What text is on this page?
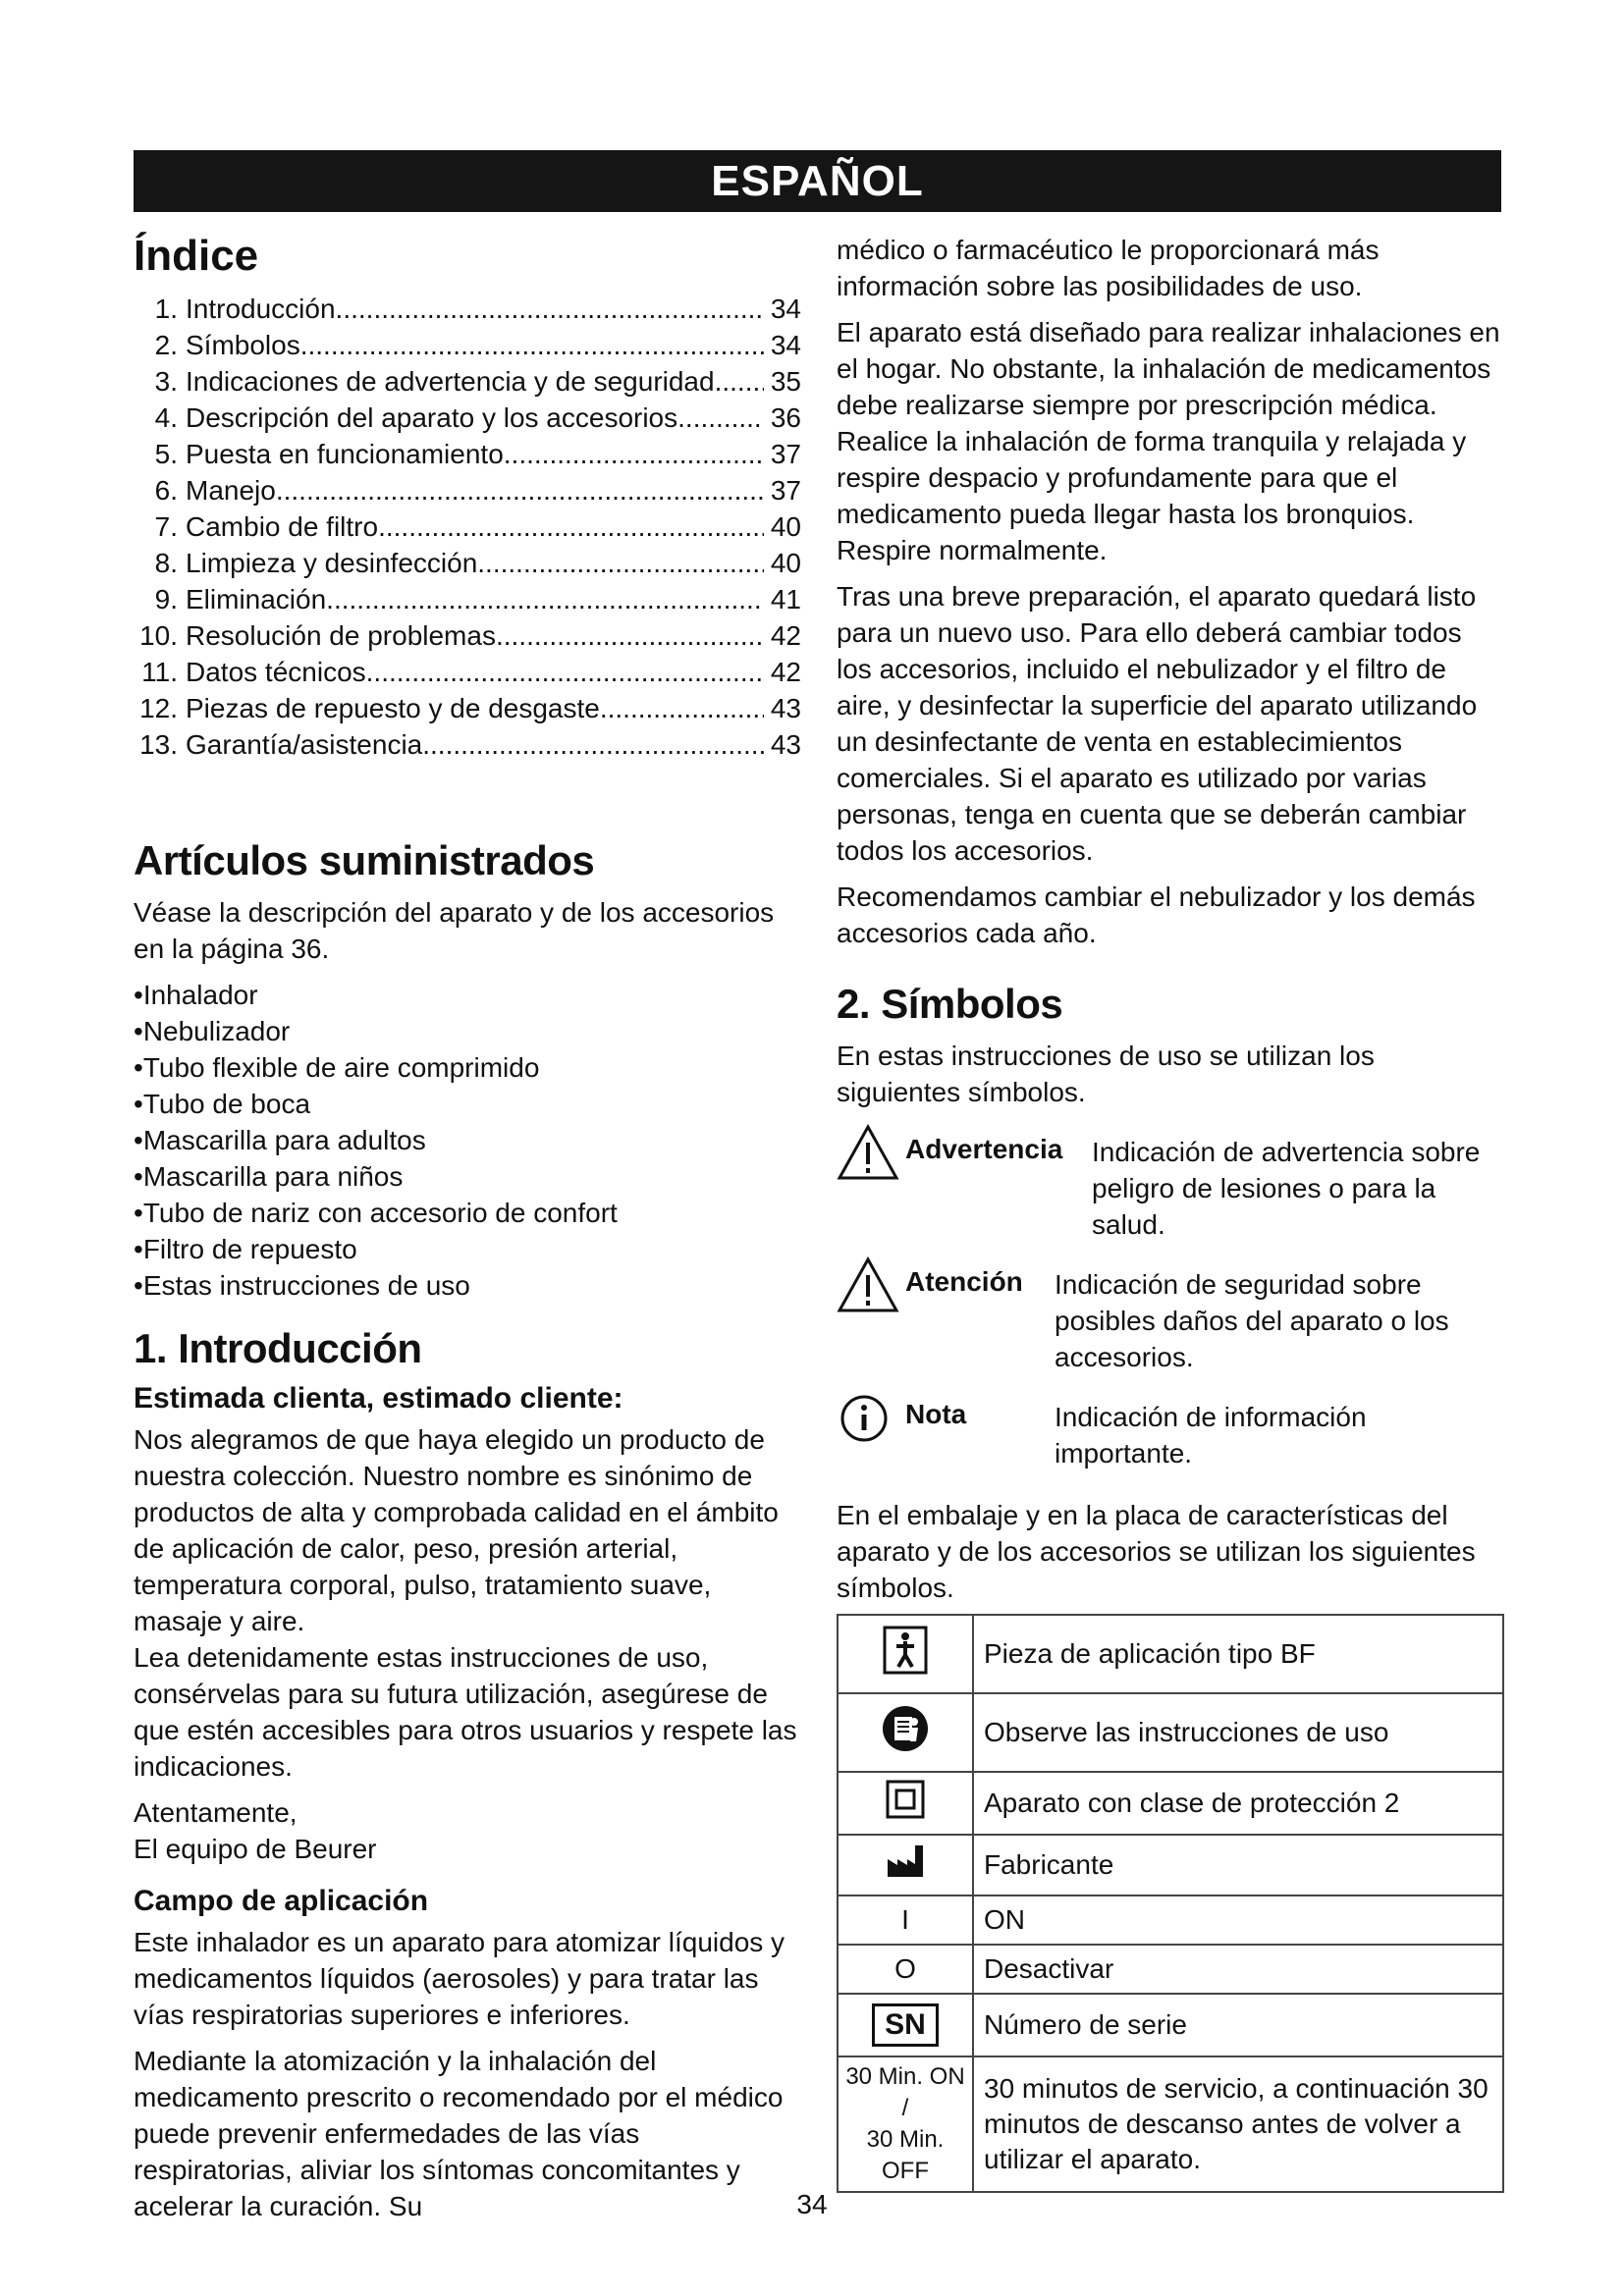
ESPAÑOL
Índice
1. Introducción .....	34
2. Símbolos .....	34
3. Indicaciones de advertencia y de seguridad ..... 35
4. Descripción del aparato y los accesorios .....	36
5. Puesta en funcionamiento .....	37
6. Manejo .....	37
7. Cambio de filtro .....	40
8. Limpieza y desinfección .....	40
9. Eliminación .....	41
10. Resolución de problemas .....	42
11. Datos técnicos .....	42
12. Piezas de repuesto y de desgaste .....	43
13. Garantía/asistencia .....	43
Artículos suministrados

Véase la descripción del aparato y de los accesorios en la página 36.

• Inhalador
• Nebulizador
• Tubo flexible de aire comprimido
• Tubo de boca
• Mascarilla para adultos
• Mascarilla para niños
• Tubo de nariz con accesorio de confort
• Filtro de repuesto
• Estas instrucciones de uso
1. Introducción
Estimada clienta, estimado cliente:

Nos alegramos de que haya elegido un producto de nuestra colección. Nuestro nombre es sinónimo de productos de alta y comprobada calidad en el ámbito de aplicación de calor, peso, presión arterial, temperatura corporal, pulso, tratamiento suave, masaje y aire.

Lea detenidamente estas instrucciones de uso, consérvelas para su futura utilización, asegúrese de que estén accesibles para otros usuarios y respete las indicaciones.

Atentamente,

El equipo de Beurer

Campo de aplicación

Este inhalador es un aparato para atomizar líquidos y medicamentos líquidos (aerosoles) y para tratar las vías respiratorias superiores e inferiores.

Mediante la atomización y la inhalación del medicamento prescrito o recomendado por el médico puede prevenir enfermedades de las vías respiratorias, aliviar los síntomas concomitantes y acelerar la curación. Su

médico o farmacéutico le proporcionará más información sobre las posibilidades de uso.

El aparato está diseñado para realizar inhalaciones en el hogar. No obstante, la inhalación de medicamentos debe realizarse siempre por prescripción médica. Realice la inhalación de forma tranquila y relajada y respire despacio y profundamente para que el medicamento pueda llegar hasta los bronquios. Respire normalmente.

Tras una breve preparación, el aparato quedará listo para un nuevo uso. Para ello deberá cambiar todos los accesorios, incluido el nebulizador y el filtro de aire, y desinfectar la superficie del aparato utilizando un desinfectante de venta en establecimientos comerciales. Si el aparato es utilizado por varias personas, tenga en cuenta que se deberán cambiar todos los accesorios.

Recomendamos cambiar el nebulizador y los demás accesorios cada año.

2. Símbolos

En estas instrucciones de uso se utilizan los siguientes símbolos.

Advertencia	Indicación de advertencia sobre peligro de lesiones o para la salud.
Atención	Indicación de seguridad sobre posibles daños del aparato o los accesorios.
Nota	Indicación de información importante.

En el embalaje y en la placa de características del aparato y de los accesorios se utilizan los siguientes símbolos.

	Pieza de aplicación tipo BF
	Observe las instrucciones de uso
	Aparato con clase de protección 2
	Fabricante
I	ON
O	Desactivar
SN	Número de serie

30 Min. ON /
30 Min. OFF	30 minutos de servicio, a continuación 30 minutos de descanso antes de volver a utilizar el aparato.
34
